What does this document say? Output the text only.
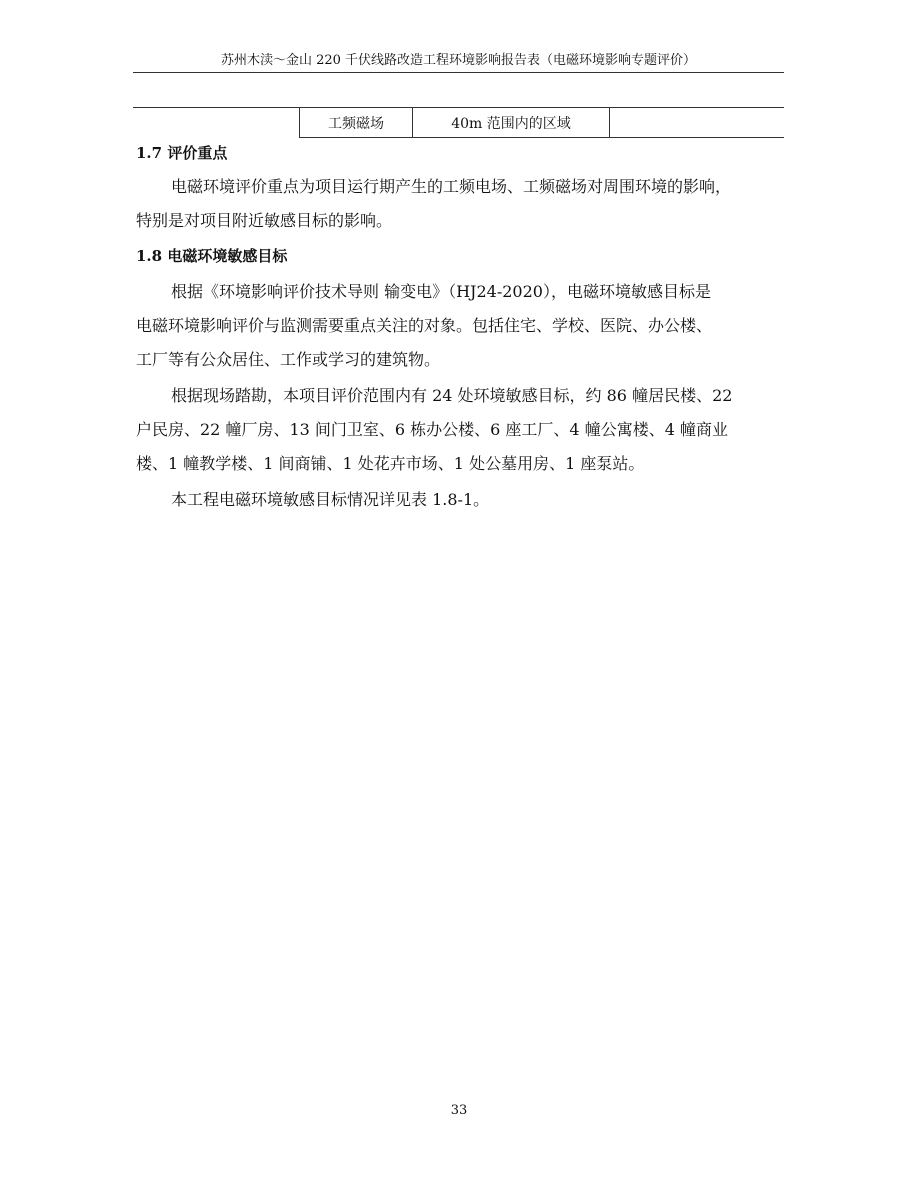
苏州木渎～金山 220 千伏线路改造工程环境影响报告表（电磁环境影响专题评价）
	工频磁场	40m 范围内的区域	
1.7 评价重点
电磁环境评价重点为项目运行期产生的工频电场、工频磁场对周围环境的影响，
特别是对项目附近敏感目标的影响。
1.8 电磁环境敏感目标
根据《环境影响评价技术导则 输变电》（HJ24-2020），电磁环境敏感目标是
电磁环境影响评价与监测需要重点关注的对象。包括住宅、学校、医院、办公楼、
工厂等有公众居住、工作或学习的建筑物。
根据现场踏勘，本项目评价范围内有 24 处环境敏感目标，约 86 幢居民楼、22
户民房、22 幢厂房、13 间门卫室、6 栋办公楼、6 座工厂、4 幢公寓楼、4 幢商业
楼、1 幢教学楼、1 间商铺、1 处花卉市场、1 处公墓用房、1 座泵站。
本工程电磁环境敏感目标情况详见表 1.8-1。
33
